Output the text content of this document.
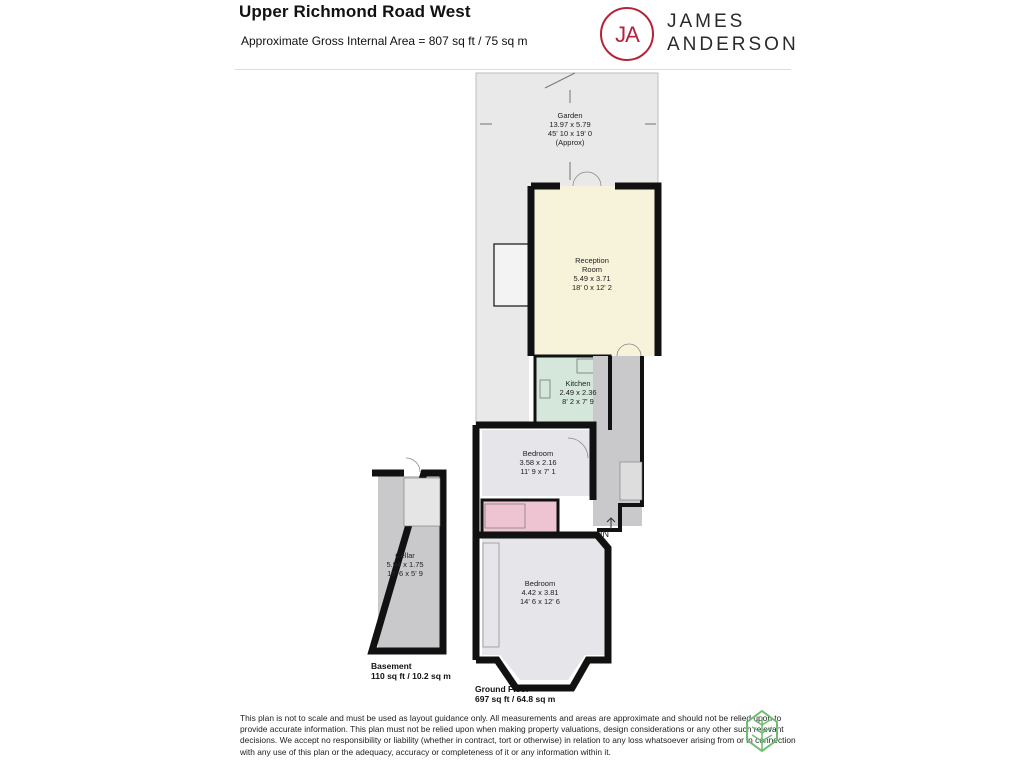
Upper Richmond Road West
Approximate Gross Internal Area = 807 sq ft / 75 sq m	JA
JAMES
ANDERSON
Garden
13.97 x 5.79
45' 10 x 19' 0
(Approx)
Reception
Room
5.49 x 3.71
18' 0 x 12' 2
Kitchen
2.49 x 2.36
8' 2 x 7' 9
Bedroom
3.58 x 2.16
11' 9 x 7' 1
Bedroom
4.42 x 3.81
14' 6 x 12' 6
Cellar
5.94 x 1.75
19' 6 x 5' 9
IN
Basement
110 sq ft / 10.2 sq m
Ground Floor
697 sq ft / 64.8 sq m
This plan is not to scale and must be used as layout guidance only. All measurements and areas are approximate and should not be relied upon to provide accurate information. This plan must not be relied upon when making property valuations, design considerations or any other such relevant decisions. We accept no responsibility or liability (whether in contract, tort or otherwise) in relation to any loss whatsoever arising from or in connection with any use of this plan or the adequacy, accuracy or completeness of it or any information within it.
